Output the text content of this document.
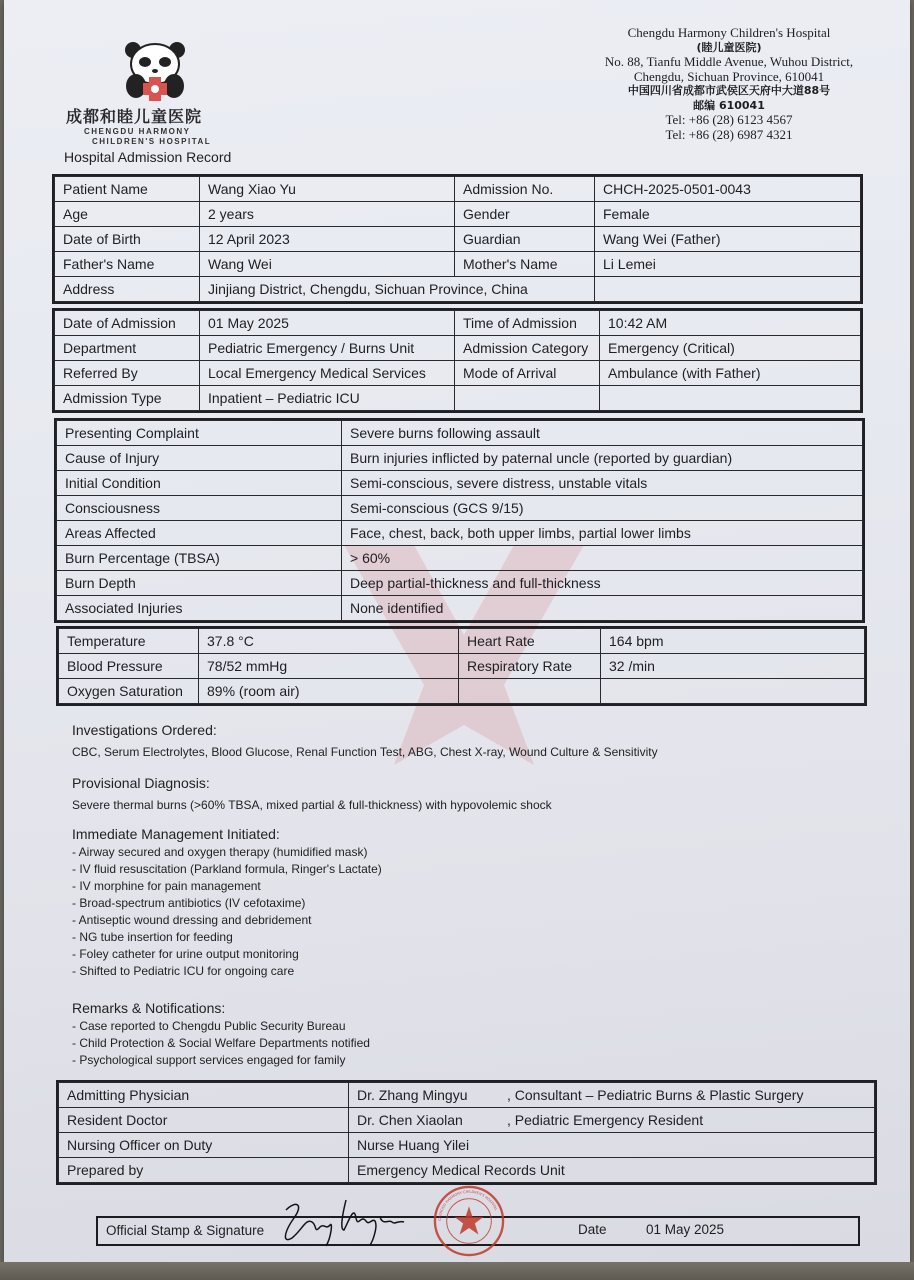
成都和睦儿童医院
CHENGDU HARMONY
CHILDREN'S HOSPITAL
Hospital Admission Record
Chengdu Harmony Children's Hospital
(睦儿童医院)
No. 88, Tianfu Middle Avenue, Wuhou District,
Chengdu, Sichuan Province, 610041
中国四川省成都市武侯区天府中大道88号
邮编 610041
Tel: +86 (28) 6123 4567
Tel: +86 (28) 6987 4321
Patient Name	Wang Xiao Yu	Admission No.	CHCH-2025-0501-0043
Age	2 years	Gender	Female
Date of Birth	12 April 2023	Guardian	Wang Wei (Father)
Father's Name	Wang Wei	Mother's Name	Li Lemei
Address	Jinjiang District, Chengdu, Sichuan Province, China		
Date of Admission	01 May 2025	Time of Admission	10:42 AM
Department	Pediatric Emergency / Burns Unit	Admission Category	Emergency (Critical)
Referred By	Local Emergency Medical Services	Mode of Arrival	Ambulance (with Father)
Admission Type	Inpatient – Pediatric ICU		
Presenting Complaint	Severe burns following assault
Cause of Injury	Burn injuries inflicted by paternal uncle (reported by guardian)
Initial Condition	Semi-conscious, severe distress, unstable vitals
Consciousness	Semi-conscious (GCS 9/15)
Areas Affected	Face, chest, back, both upper limbs, partial lower limbs
Burn Percentage (TBSA)	> 60%
Burn Depth	Deep partial-thickness and full-thickness
Associated Injuries	None identified
Temperature	37.8 °C	Heart Rate	164 bpm
Blood Pressure	78/52 mmHg	Respiratory Rate	32 /min
Oxygen Saturation	89% (room air)		
Investigations Ordered:
CBC, Serum Electrolytes, Blood Glucose, Renal Function Test, ABG, Chest X-ray, Wound Culture & Sensitivity
Provisional Diagnosis:
Severe thermal burns (>60% TBSA, mixed partial & full-thickness) with hypovolemic shock
Immediate Management Initiated:
- Airway secured and oxygen therapy (humidified mask)
- IV fluid resuscitation (Parkland formula, Ringer's Lactate)
- IV morphine for pain management
- Broad-spectrum antibiotics (IV cefotaxime)
- Antiseptic wound dressing and debridement
- NG tube insertion for feeding
- Foley catheter for urine output monitoring
- Shifted to Pediatric ICU for ongoing care
Remarks & Notifications:
- Case reported to Chengdu Public Security Bureau
- Child Protection & Social Welfare Departments notified
- Psychological support services engaged for family
Admitting Physician	Dr. Zhang Mingyu , Consultant – Pediatric Burns & Plastic Surgery
Resident Doctor	Dr. Chen Xiaolan , Pediatric Emergency Resident
Nursing Officer on Duty	Nurse Huang Yilei
Prepared by	Emergency Medical Records Unit
Official Stamp & Signature	Date	01 May 2025
CHENGDU HARMONY CHILDREN'S HOSPITAL
